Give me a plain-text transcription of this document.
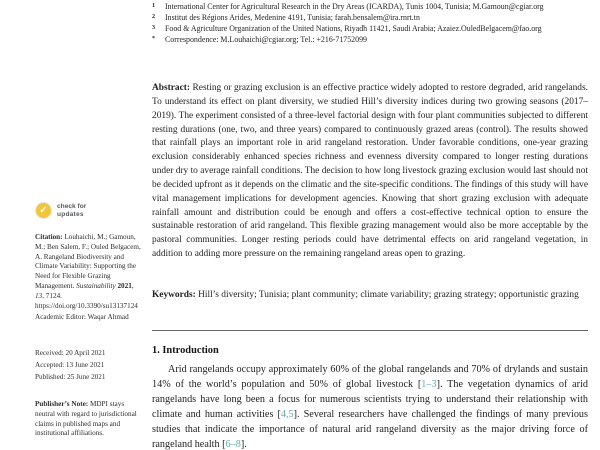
✓	check for
updates
Citation: Louhaichi, M.; Gamoun, M.; Ben Salem, F.; Ouled Belgacem, A. Rangeland Biodiversity and Climate Variability: Supporting the Need for Flexible Grazing Management. Sustainability 2021, 13, 7124. https://doi.org/10.3390/su13137124
Academic Editor: Waqar Ahmad
Received: 20 April 2021
Accepted: 13 June 2021
Published: 25 June 2021
Publisher’s Note: MDPI stays neutral with regard to jurisdictional claims in published maps and institutional affiliations.
1	International Center for Agricultural Research in the Dry Areas (ICARDA), Tunis 1004, Tunisia; M.Gamoun@cgiar.org
2	Institut des Régions Arides, Medenine 4191, Tunisia; farah.bensalem@ira.rnrt.tn
3	Food & Agriculture Organization of the United Nations, Riyadh 11421, Saudi Arabia; Azaiez.OuledBelgacem@fao.org
*	Correspondence: M.Louhaichi@cgiar.org; Tel.: +216-71752099
Abstract: Resting or grazing exclusion is an effective practice widely adopted to restore degraded, arid rangelands. To understand its effect on plant diversity, we studied Hill’s diversity indices during two growing seasons (2017–2019). The experiment consisted of a three-level factorial design with four plant communities subjected to different resting durations (one, two, and three years) compared to continuously grazed areas (control). The results showed that rainfall plays an important role in arid rangeland restoration. Under favorable conditions, one-year grazing exclusion considerably enhanced species richness and evenness diversity compared to longer resting durations under dry to average rainfall conditions. The decision to how long livestock grazing exclusion would last should not be decided upfront as it depends on the climatic and the site-specific conditions. The findings of this study will have vital management implications for development agencies. Knowing that short grazing exclusion with adequate rainfall amount and distribution could be enough and offers a cost-effective technical option to ensure the sustainable restoration of arid rangeland. This flexible grazing management would also be more acceptable by the pastoral communities. Longer resting periods could have detrimental effects on arid rangeland vegetation, in addition to adding more pressure on the remaining rangeland areas open to grazing.
Keywords: Hill’s diversity; Tunisia; plant community; climate variability; grazing strategy; opportunistic grazing
1. Introduction
Arid rangelands occupy approximately 60% of the global rangelands and 70% of drylands and sustain 14% of the world’s population and 50% of global livestock [1–3]. The vegetation dynamics of arid rangelands have long been a focus for numerous scientists trying to understand their relationship with climate and human activities [4,5]. Several researchers have challenged the findings of many previous studies that indicate the importance of natural arid rangeland diversity as the major driving force of rangeland health [6–8].
